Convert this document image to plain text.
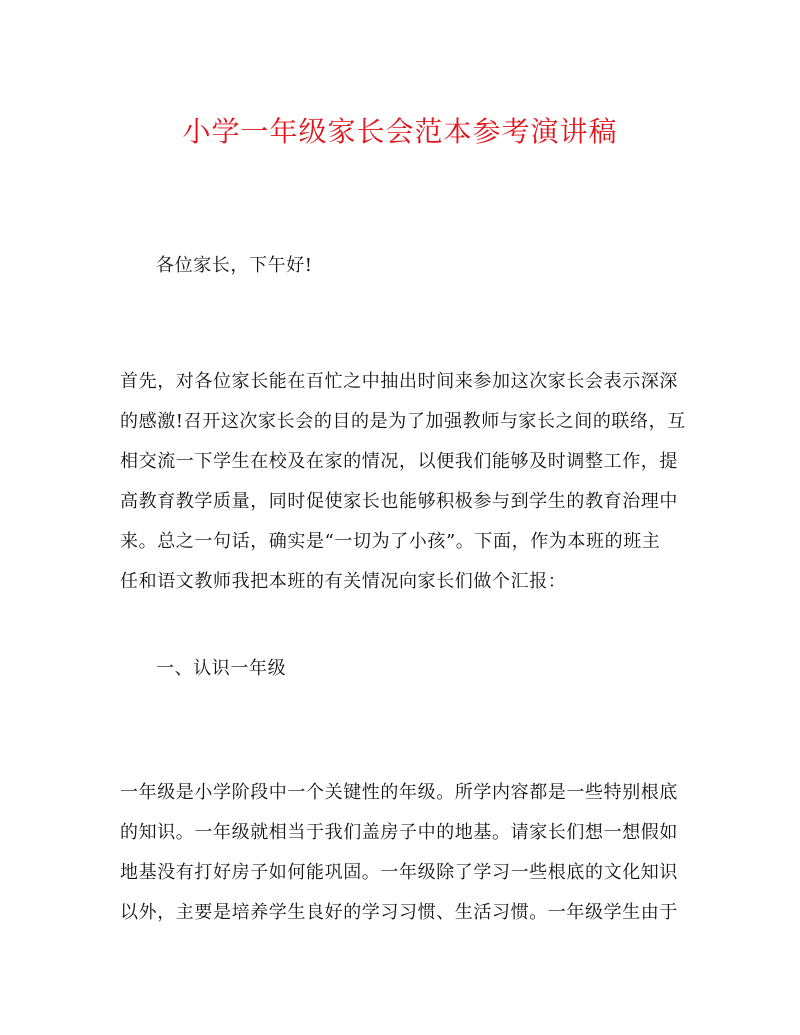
小学一年级家长会范本参考演讲稿
各位家长，下午好!
首先，对各位家长能在百忙之中抽出时间来参加这次家长会表示深深
的感激!召开这次家长会的目的是为了加强教师与家长之间的联络，互
相交流一下学生在校及在家的情况，以便我们能够及时调整工作，提
高教育教学质量，同时促使家长也能够积极参与到学生的教育治理中
来。总之一句话，确实是“一切为了小孩”。下面，作为本班的班主
任和语文教师我把本班的有关情况向家长们做个汇报：
一、认识一年级
一年级是小学阶段中一个关键性的年级。所学内容都是一些特别根底
的知识。一年级就相当于我们盖房子中的地基。请家长们想一想假如
地基没有打好房子如何能巩固。一年级除了学习一些根底的文化知识
以外，主要是培养学生良好的学习习惯、生活习惯。一年级学生由于
